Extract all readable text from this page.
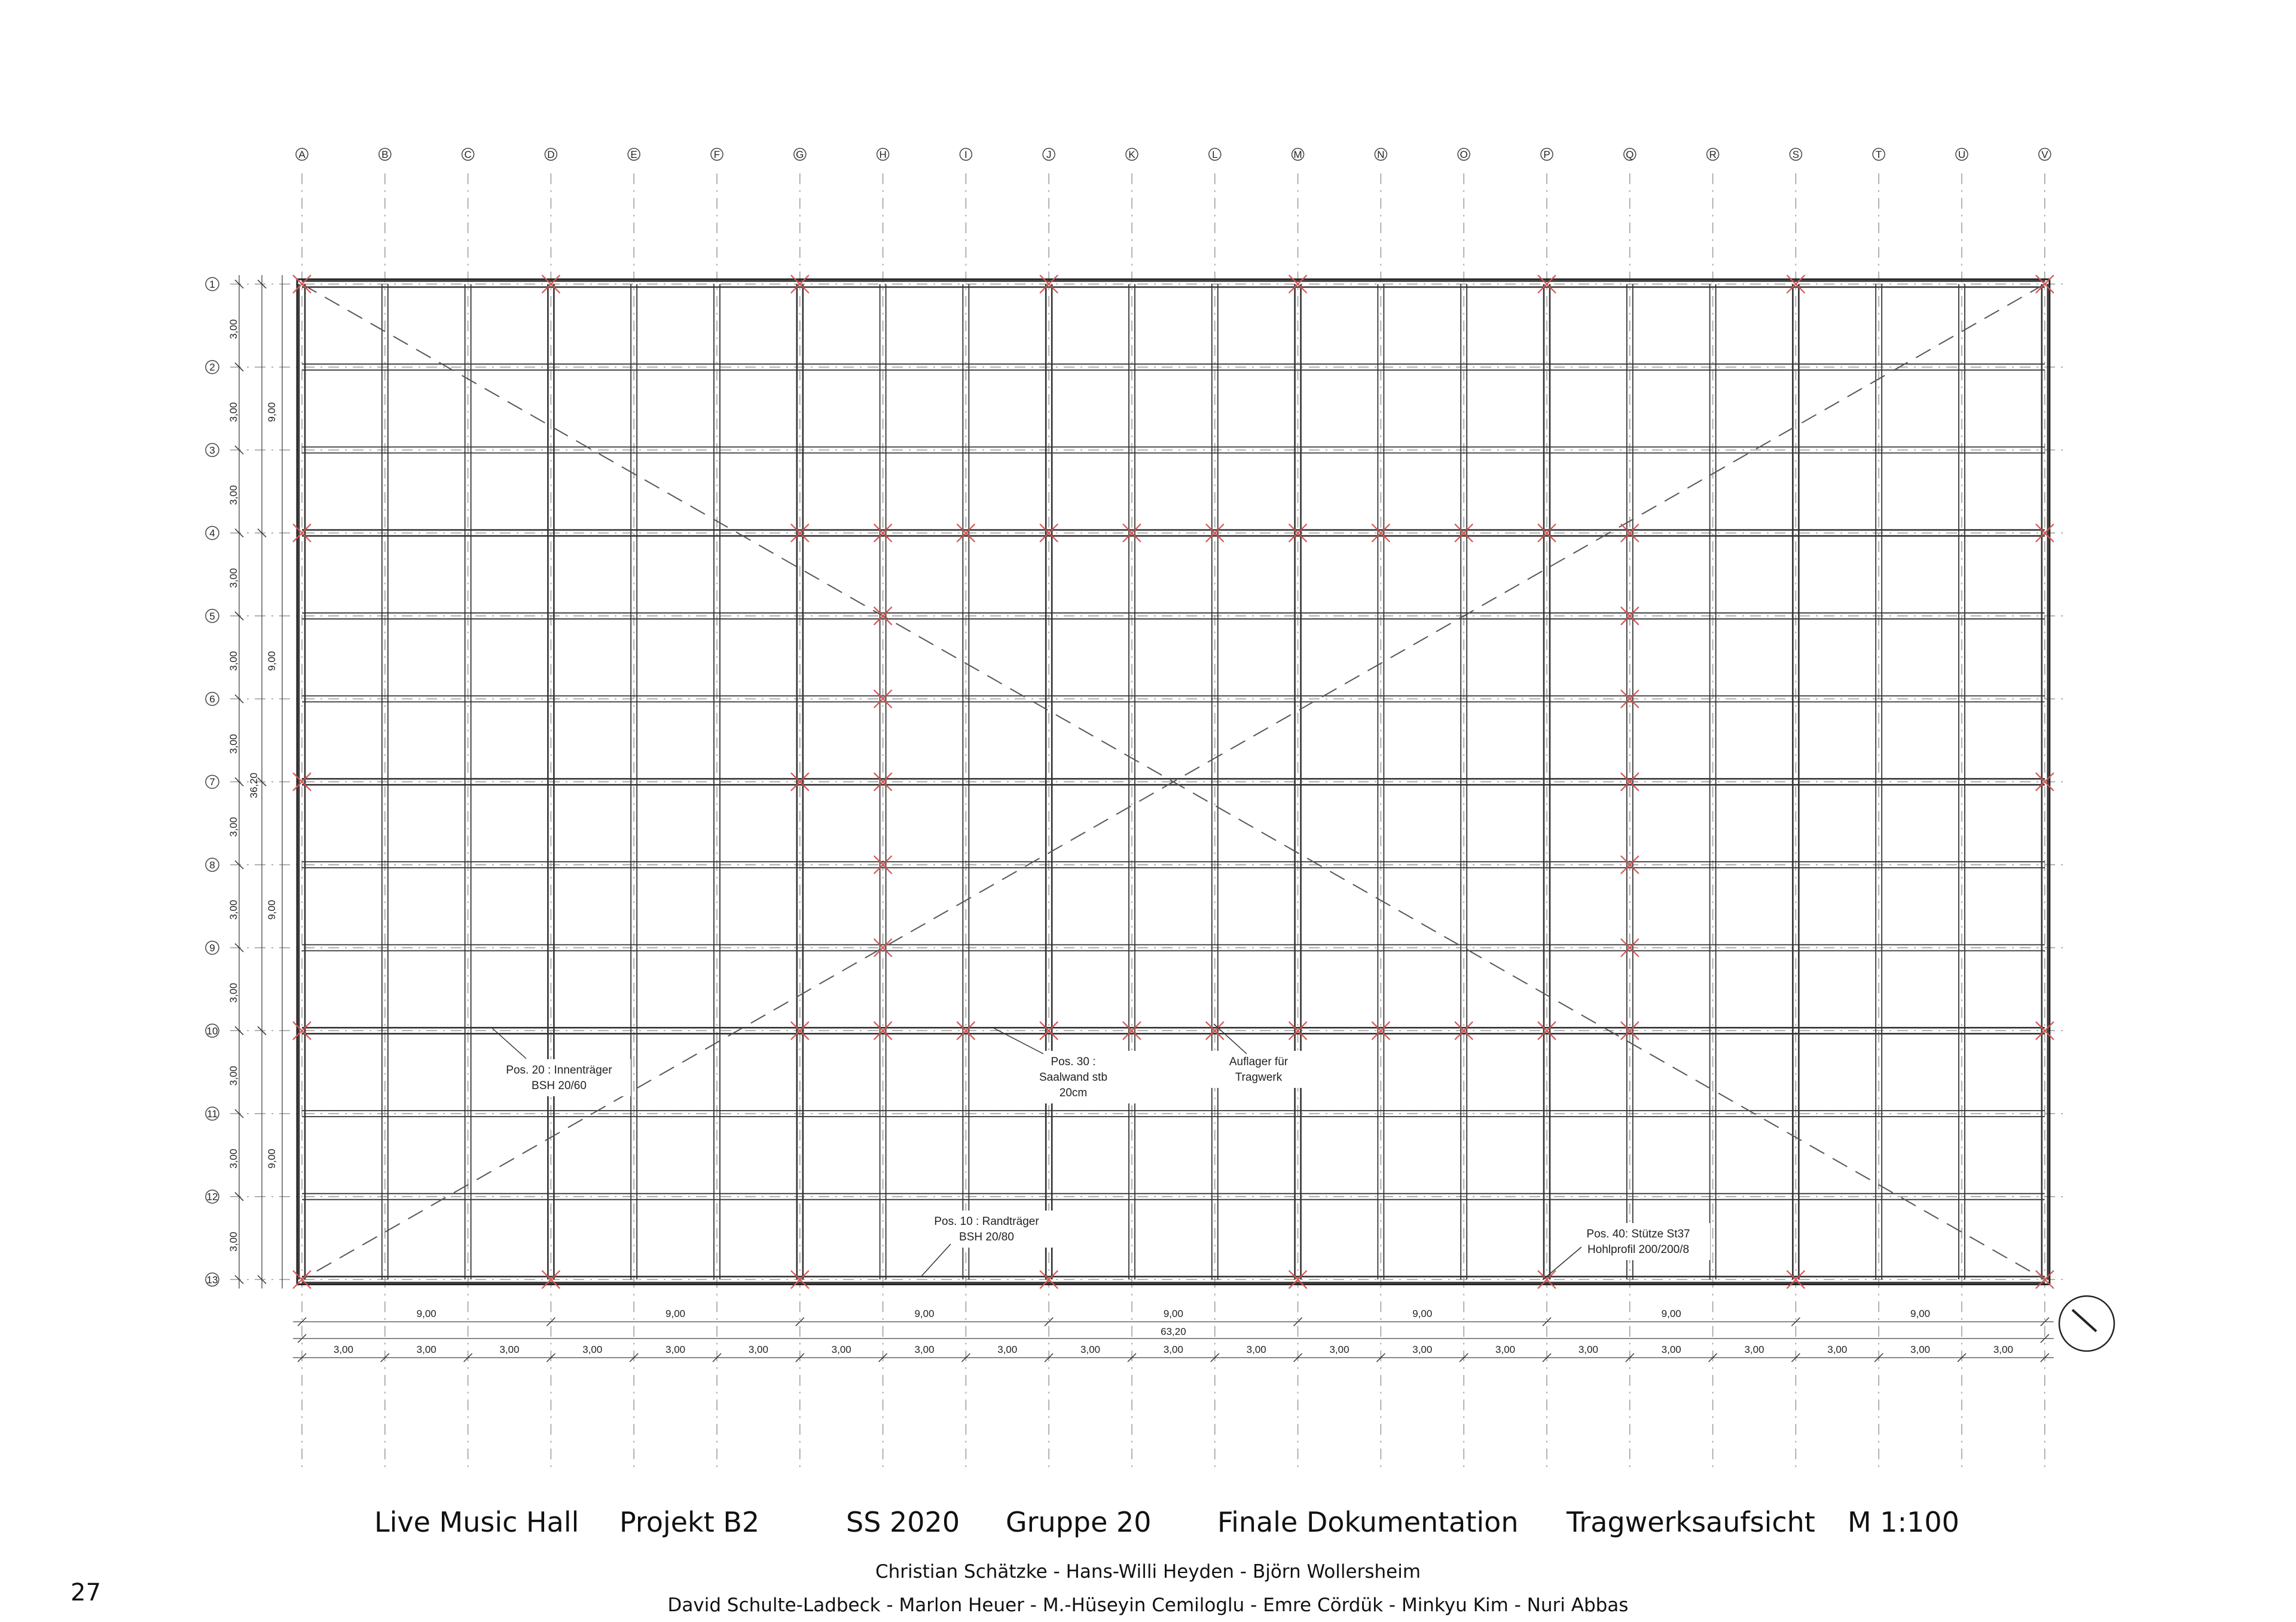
A	B	C	D	E	F	G	H	I	J	K	L	M	N	O	P	Q	R	S	T	U	V
1
2
3
4
5
6
7
8
9
10
11
12
13
3,00
3,00
3,00
3,00
3,00
3,00
3,00
3,00
3,00
3,00
3,00
3,00
9,00
9,00
9,00
9,00
36,20
9,00	9,00	9,00	9,00	9,00	9,00	9,00
63,20
3,00	3,00	3,00	3,00	3,00	3,00	3,00	3,00	3,00	3,00	3,00	3,00	3,00	3,00	3,00	3,00	3,00	3,00	3,00	3,00	3,00
Pos. 20 : Innenträger
BSH 20/60
Pos. 30 :
Saalwand stb
20cm
Auflager für
Tragwerk
Pos. 10 : Randträger
BSH 20/80	Pos. 40: Stütze St37
Hohlprofil 200/200/8
Live Music Hall Projekt B2	SS 2020 Gruppe 20 Finale Dokumentation Tragwerksaufsicht M 1:100
Christian Schätzke - Hans-Willi Heyden - Björn Wollersheim
David Schulte-Ladbeck - Marlon Heuer - M.-Hüseyin Cemiloglu - Emre Cördük - Minkyu Kim - Nuri Abbas
27
